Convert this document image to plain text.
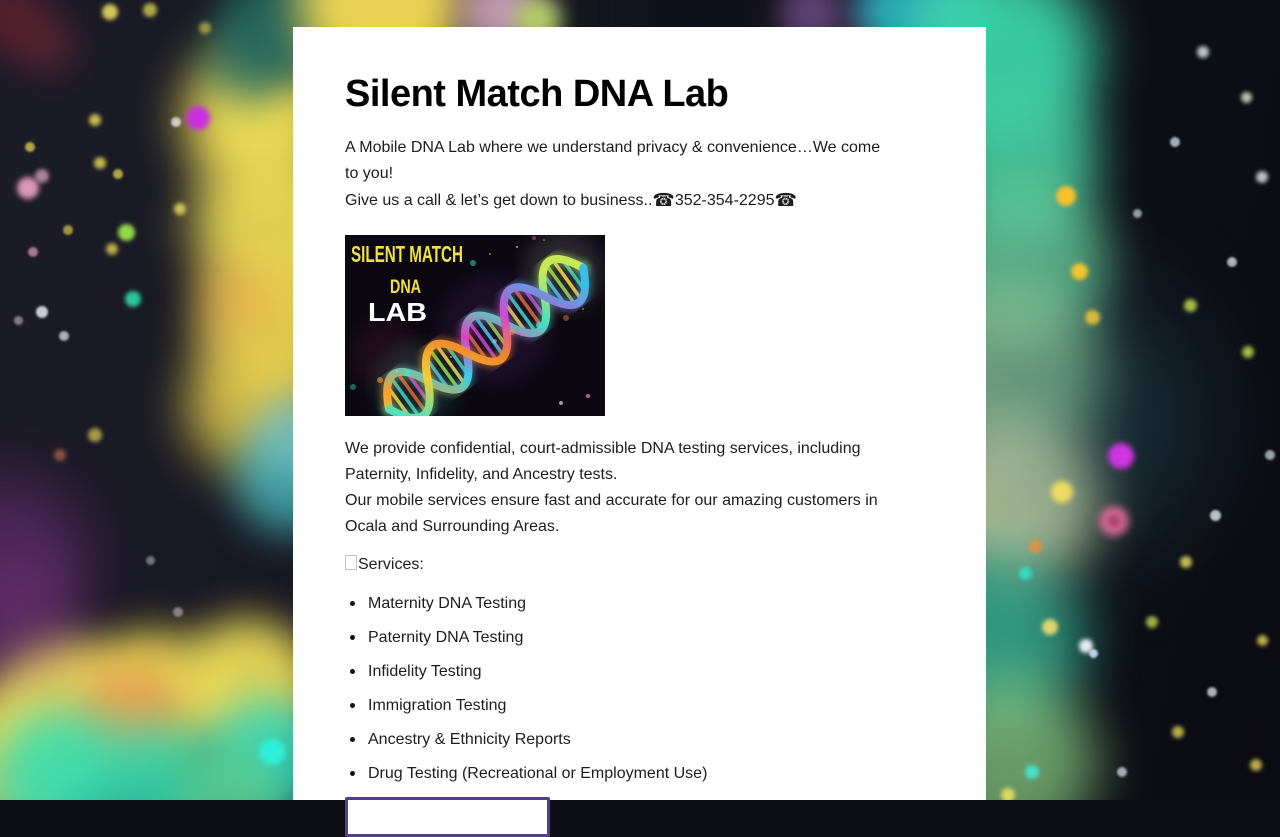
Silent Match DNA Lab
A Mobile DNA Lab where we understand privacy & convenience…We come
to you!
Give us a call & let’s get down to business..☎352-354-2295☎
SILENT MATCH
DNA
LAB
We provide confidential, court-admissible DNA testing services, including
Paternity, Infidelity, and Ancestry tests.
Our mobile services ensure fast and accurate for our amazing customers in
Ocala and Surrounding Areas.
Services:
Maternity DNA Testing
Paternity DNA Testing
Infidelity Testing
Immigration Testing
Ancestry & Ethnicity Reports
Drug Testing (Recreational or Employment Use)
